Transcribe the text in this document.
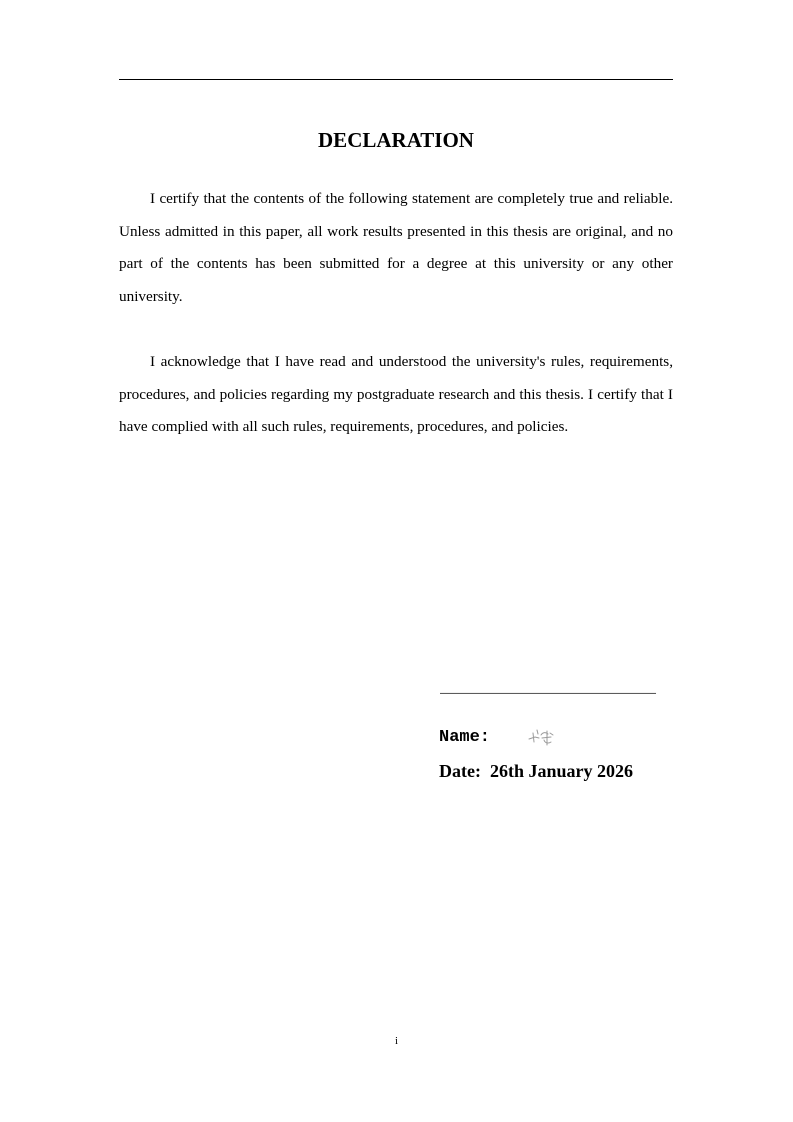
DECLARATION

I certify that the contents of the following statement are completely true and reliable. Unless admitted in this paper, all work results presented in this thesis are original, and no part of the contents has been submitted for a degree at this university or any other university.

I acknowledge that I have read and understood the university's rules, requirements, procedures, and policies regarding my postgraduate research and this thesis. I certify that I have complied with all such rules, requirements, procedures, and policies.

________________________
Name:
Date: 26th January 2026
i
